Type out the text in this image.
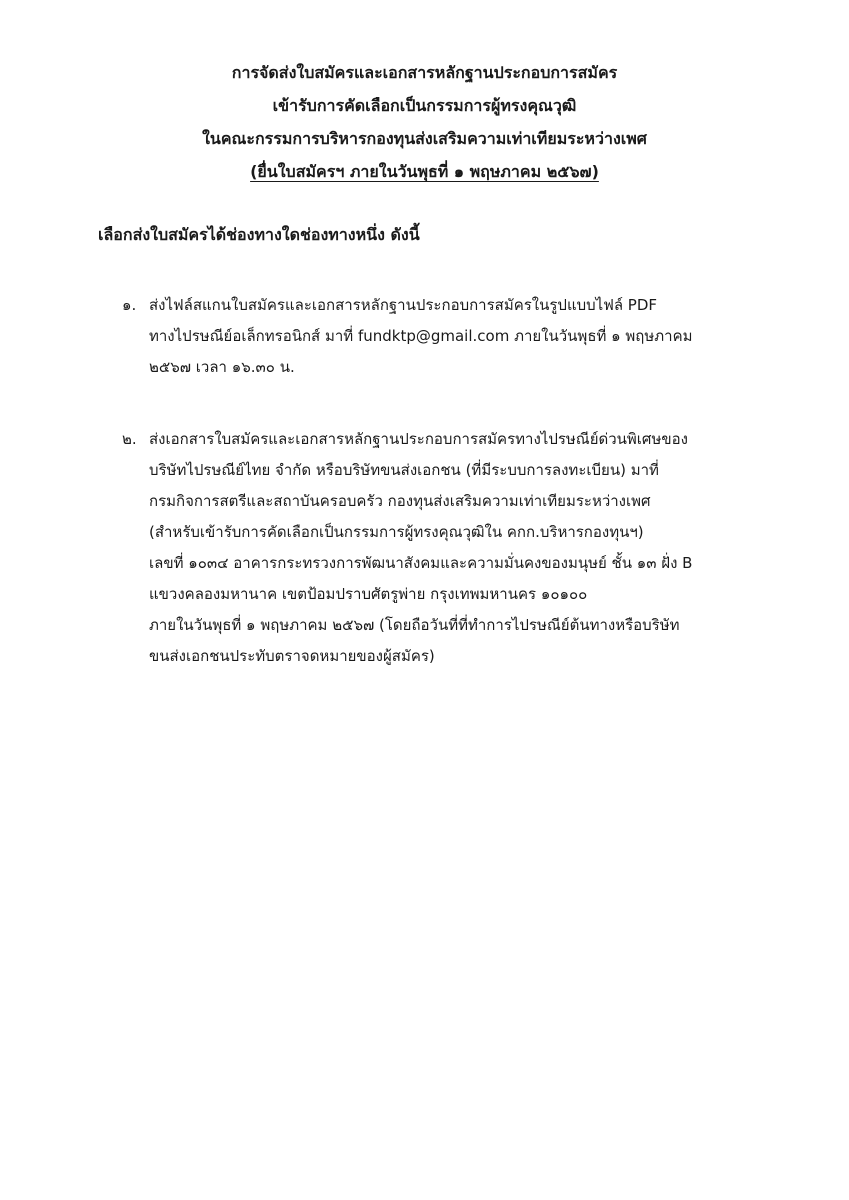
การจัดส่งใบสมัครและเอกสารหลักฐานประกอบการสมัคร
เข้ารับการคัดเลือกเป็นกรรมการผู้ทรงคุณวุฒิ
ในคณะกรรมการบริหารกองทุนส่งเสริมความเท่าเทียมระหว่างเพศ
(ยื่นใบสมัครฯ ภายในวันพุธที่ ๑ พฤษภาคม ๒๕๖๗)
เลือกส่งใบสมัครได้ช่องทางใดช่องทางหนึ่ง ดังนี้
๑. ส่งไฟล์สแกนใบสมัครและเอกสารหลักฐานประกอบการสมัครในรูปแบบไฟล์ PDF
ทางไปรษณีย์อเล็กทรอนิกส์ มาที่ fundktp@gmail.com ภายในวันพุธที่ ๑ พฤษภาคม
๒๕๖๗ เวลา ๑๖.๓๐ น.
๒. ส่งเอกสารใบสมัครและเอกสารหลักฐานประกอบการสมัครทางไปรษณีย์ด่วนพิเศษของ
บริษัทไปรษณีย์ไทย จำกัด หรือบริษัทขนส่งเอกชน (ที่มีระบบการลงทะเบียน) มาที่
กรมกิจการสตรีและสถาบันครอบครัว กองทุนส่งเสริมความเท่าเทียมระหว่างเพศ
(สำหรับเข้ารับการคัดเลือกเป็นกรรมการผู้ทรงคุณวุฒิใน คกก.บริหารกองทุนฯ)
เลขที่ ๑๐๓๔ อาคารกระทรวงการพัฒนาสังคมและความมั่นคงของมนุษย์ ชั้น ๑๓ ฝั่ง B
แขวงคลองมหานาค เขตป้อมปราบศัตรูพ่าย กรุงเทพมหานคร ๑๐๑๐๐
ภายในวันพุธที่ ๑ พฤษภาคม ๒๕๖๗ (โดยถือวันที่ที่ทำการไปรษณีย์ต้นทางหรือบริษัท
ขนส่งเอกชนประทับตราจดหมายของผู้สมัคร)
